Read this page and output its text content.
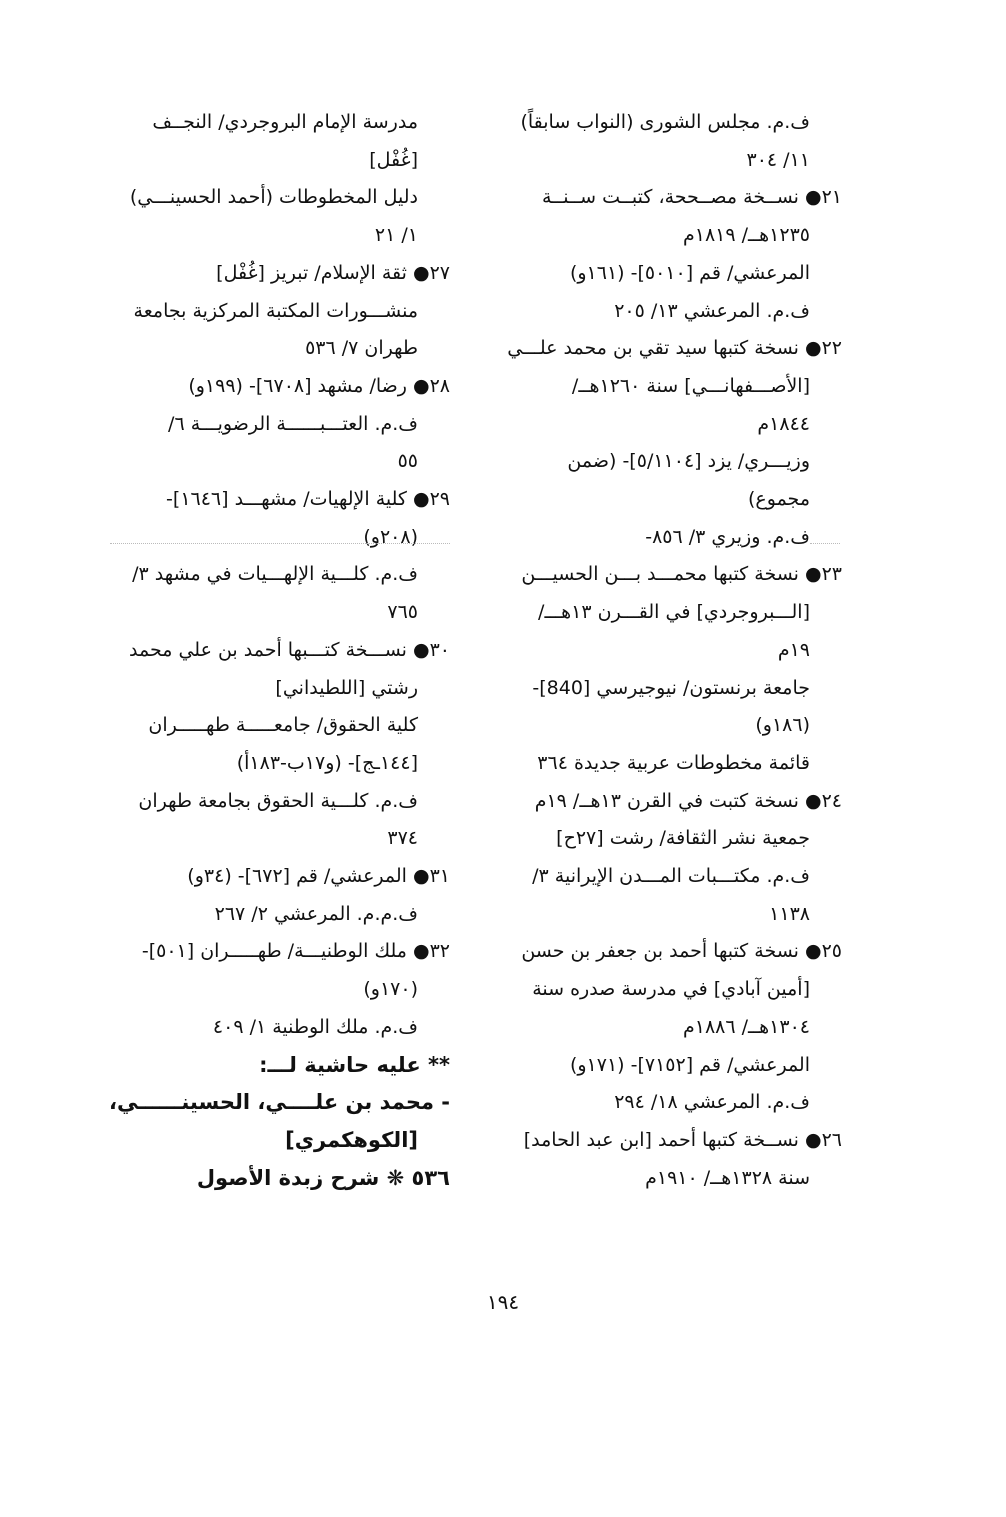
ف.م. مجلس الشورى (النواب سابقاً)
١١/ ٣٠٤
٢١● نســخة مصــححة، كتبــت ســنــة
١٢٣٥هــ/ ١٨١٩م
المرعشي/ قم [٥٠١٠]- (١٦١و)
ف.م. المرعشي ١٣/ ٢٠٥
٢٢● نسخة كتبها سيد تقي بن محمد علـــي
[الأصـــفهانـــي] سنة ١٢٦٠هــ/
١٨٤٤م
وزيـــري/ يزد [٥/١١٠٤]- (ضمن
مجموع)
ف.م. وزيري ٣/ ٨٥٦-
٢٣● نسخة كتبها محمـــد بـــن الحسيـــن
[الـــبروجردي] في القـــرن ١٣هـــ/
١٩م
جامعة برنستون/ نيوجيرسي [840]-
(١٨٦و)
قائمة مخطوطات عربية جديدة ٣٦٤
٢٤● نسخة كتبت في القرن ١٣هــ/ ١٩م
جمعية نشر الثقافة/ رشت [٢٧ح]
ف.م. مكتـــبات المـــدن الإيرانية ٣/
١١٣٨
٢٥● نسخة كتبها أحمد بن جعفر بن حسن
[أمين آبادي] في مدرسة صدره سنة
١٣٠٤هــ/ ١٨٨٦م
المرعشي/ قم [٧١٥٢]- (١٧١و)
ف.م. المرعشي ١٨/ ٢٩٤
٢٦● نســخة كتبها أحمد [ابن عبد الحامد]
سنة ١٣٢٨هــ/ ١٩١٠م
مدرسة الإمام البروجردي/ النجــف
[غُفْل]
دليل المخطوطات (أحمد الحسينـــي)
١/ ٢١
٢٧● ثقة الإسلام/ تبريز [غُفْل]
منشـــورات المكتبة المركزية بجامعة
طهران ٧/ ٥٣٦
٢٨● رضا/ مشهد [٦٧٠٨]- (١٩٩و)
ف.م. العتـــبــــــة الرضويـــة ٦/
٥٥
٢٩● كلية الإلهيات/ مشهـــد [١٦٤٦]-
(٢٠٨و)
ف.م. كلـــية الإلهـــيات في مشهد ٣/
٧٦٥
٣٠● نســـخة كتـــبها أحمد بن علي محمد
رشتي [اللطيداني]
كلية الحقوق/ جامعـــــة طهـــــران
[١٤٤ـج]- (و١٧ب-١٨٣أ)
ف.م. كلـــية الحقوق بجامعة طهران
٣٧٤
٣١● المرعشي/ قم [٦٧٢]- (٣٤و)
ف.م.م. المرعشي ٢/ ٢٦٧
٣٢● ملك الوطنيـــة/ طهـــــران [٥٠١]-
(١٧٠و)
ف.م. ملك الوطنية ١/ ٤٠٩
** عليه حاشية لـــ:
- محمد بن علــــي، الحسينــــــي،
[الكوهكمري]
٥٣٦ ❋ شرح زبدة الأصول
١٩٤
